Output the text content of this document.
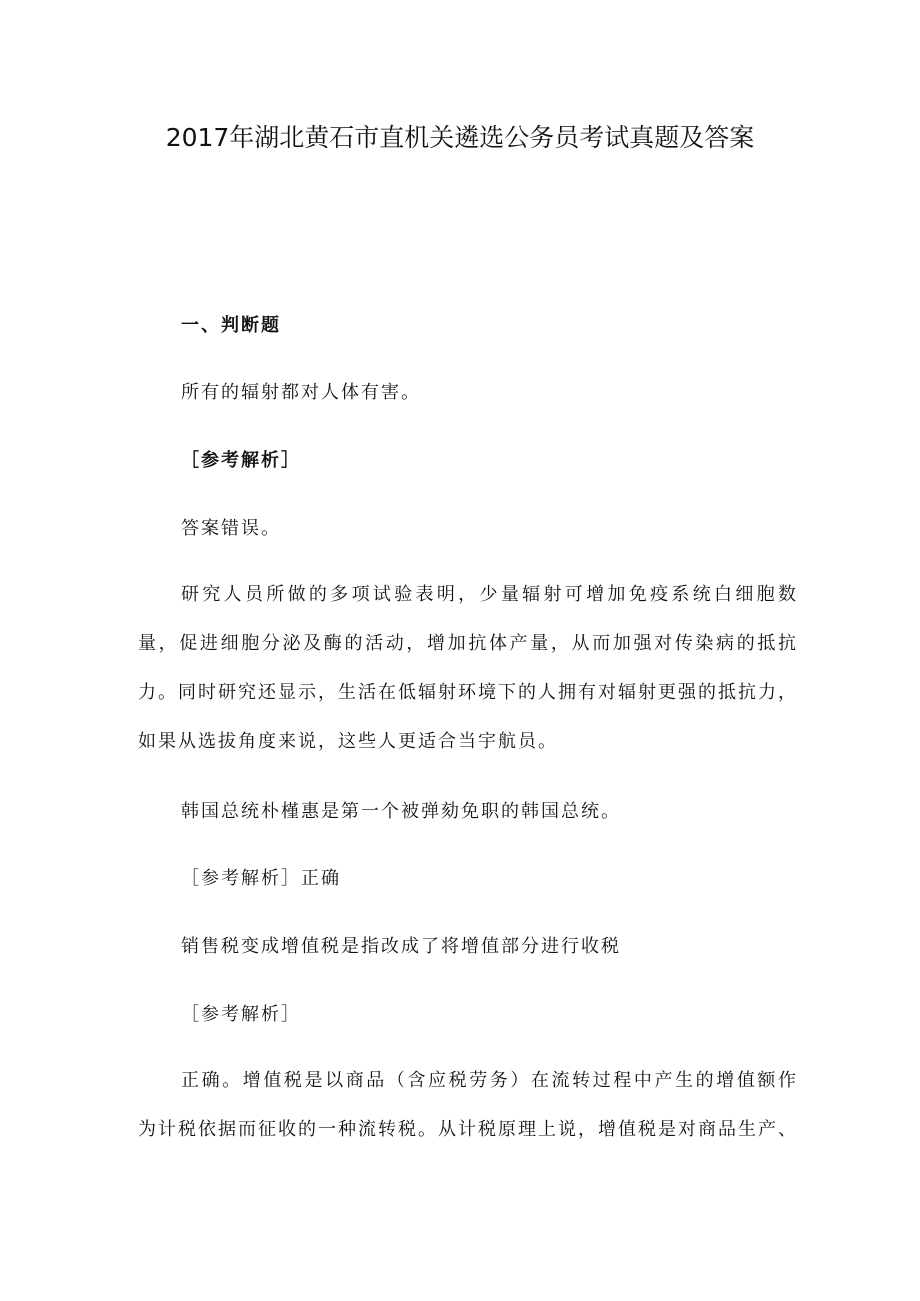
2017年湖北黄石市直机关遴选公务员考试真题及答案
一、判断题
所有的辐射都对人体有害。
［参考解析］
答案错误。

研究人员所做的多项试验表明，少量辐射可增加免疫系统白细胞数量，促进细胞分泌及酶的活动，增加抗体产量，从而加强对传染病的抵抗力。同时研究还显示，生活在低辐射环境下的人拥有对辐射更强的抵抗力，如果从选拔角度来说，这些人更适合当宇航员。

韩国总统朴槿惠是第一个被弹劾免职的韩国总统。
［参考解析］正确
销售税变成增值税是指改成了将增值部分进行收税
［参考解析］

正确。增值税是以商品（含应税劳务）在流转过程中产生的增值额作为计税依据而征收的一种流转税。从计税原理上说，增值税是对商品生产、
